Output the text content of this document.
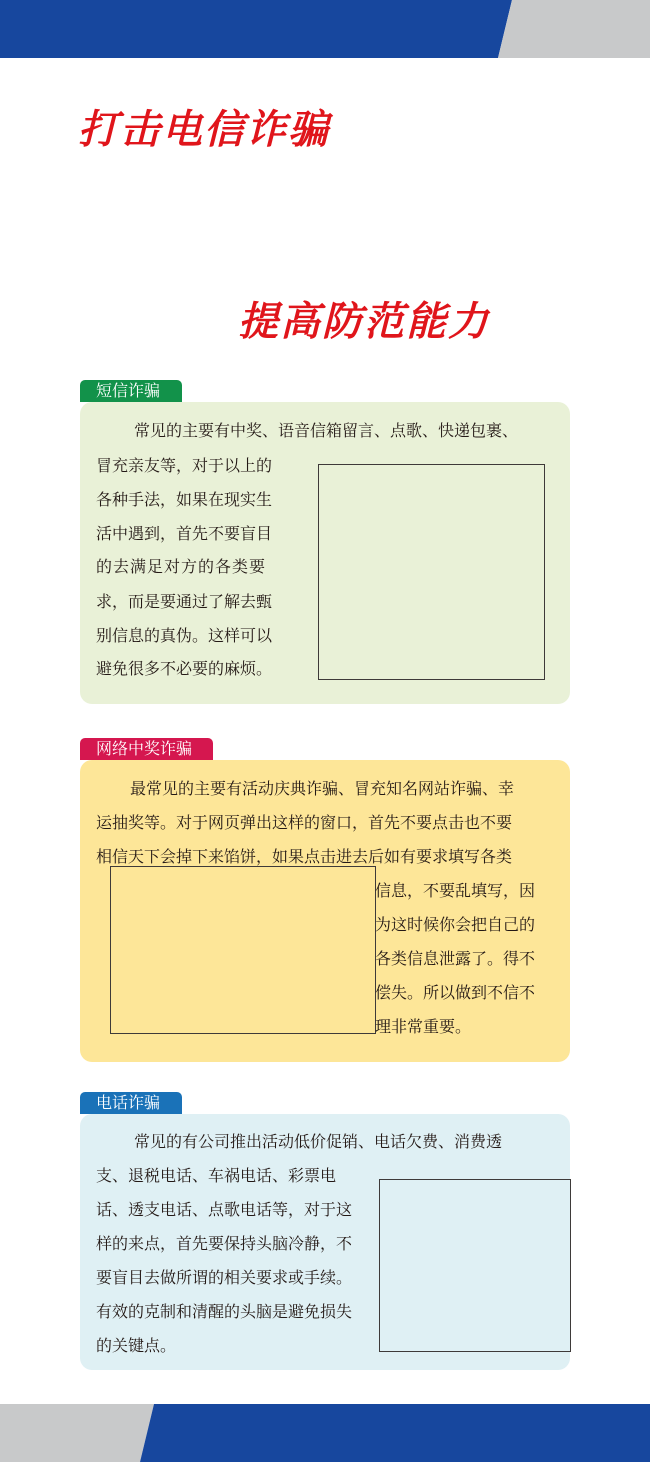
打击电信诈骗
提高防范能力
短信诈骗

常见的主要有中奖、语音信箱留言、点歌、快递包裹、

冒充亲友等，对于以上的

各种手法，如果在现实生

活中遇到，首先不要盲目

的去满足对方的各类要

求，而是要通过了解去甄

别信息的真伪。这样可以

避免很多不必要的麻烦。

网络中奖诈骗

最常见的主要有活动庆典诈骗、冒充知名网站诈骗、幸

运抽奖等。对于网页弹出这样的窗口，首先不要点击也不要

相信天下会掉下来馅饼，如果点击进去后如有要求填写各类

信息，不要乱填写，因

为这时候你会把自己的

各类信息泄露了。得不

偿失。所以做到不信不

理非常重要。

电话诈骗

常见的有公司推出活动低价促销、电话欠费、消费透

支、退税电话、车祸电话、彩票电

话、透支电话、点歌电话等，对于这

样的来点，首先要保持头脑冷静，不

要盲目去做所谓的相关要求或手续。

有效的克制和清醒的头脑是避免损失

的关键点。
